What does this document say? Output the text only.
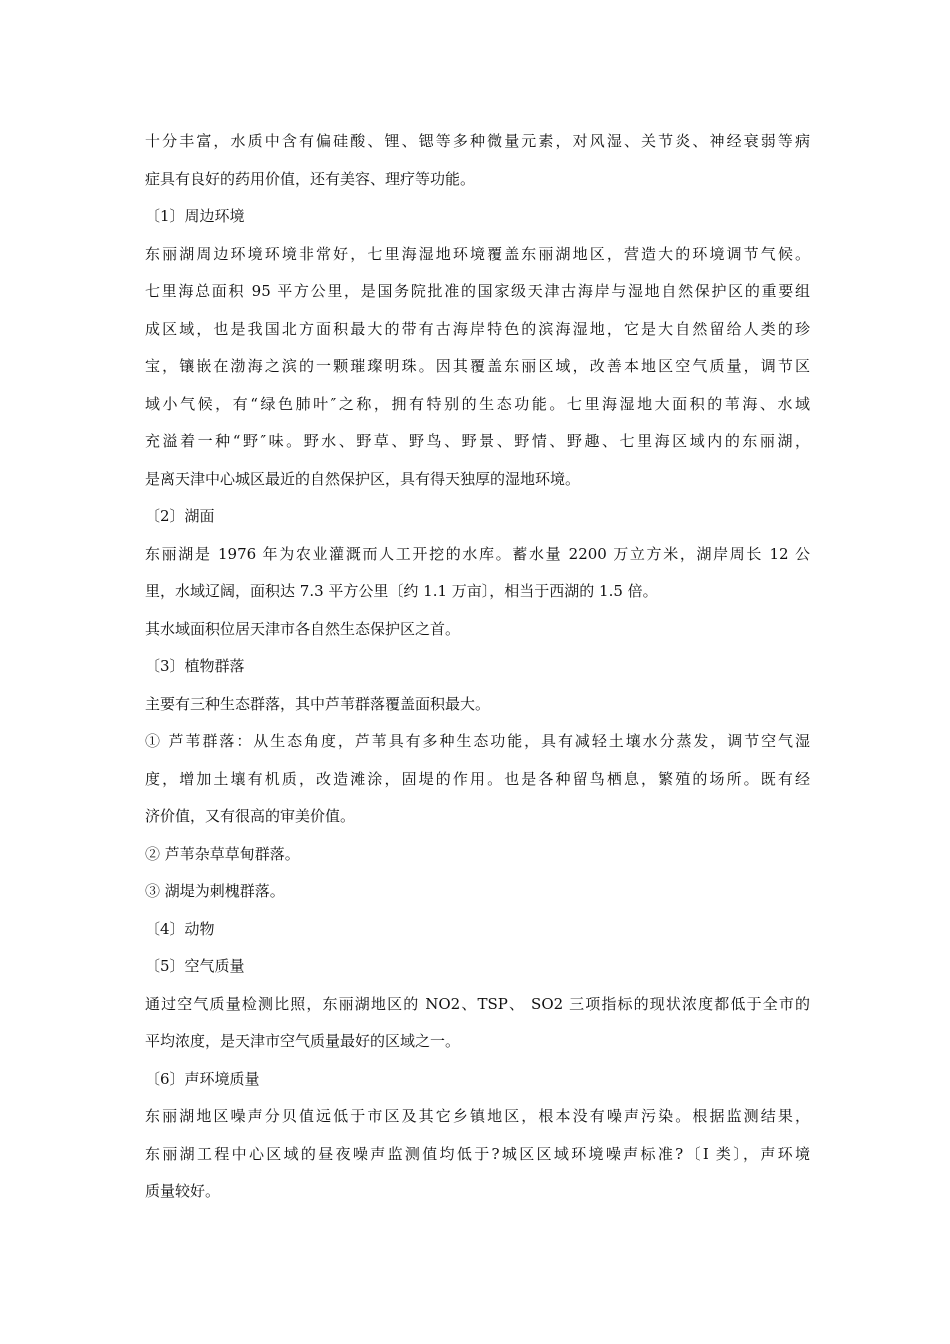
十分丰富，水质中含有偏硅酸、锂、锶等多种微量元素，对风湿、关节炎、神经衰弱等病
症具有良好的药用价值，还有美容、理疗等功能。
〔1〕周边环境
东丽湖周边环境环境非常好，七里海湿地环境覆盖东丽湖地区，营造大的环境调节气候。
七里海总面积 95 平方公里，是国务院批准的国家级天津古海岸与湿地自然保护区的重要组
成区域，也是我国北方面积最大的带有古海岸特色的滨海湿地，它是大自然留给人类的珍
宝，镶嵌在渤海之滨的一颗璀璨明珠。因其覆盖东丽区域，改善本地区空气质量，调节区
域小气候，有“绿色肺叶″之称，拥有特别的生态功能。七里海湿地大面积的苇海、水域
充溢着一种“野″味。野水、野草、野鸟、野景、野情、野趣、七里海区域内的东丽湖，
是离天津中心城区最近的自然保护区，具有得天独厚的湿地环境。
〔2〕湖面
东丽湖是 1976 年为农业灌溉而人工开挖的水库。蓄水量 2200 万立方米，湖岸周长 12 公
里，水域辽阔，面积达 7.3 平方公里〔约 1.1 万亩〕，相当于西湖的 1.5 倍。
其水域面积位居天津市各自然生态保护区之首。
〔3〕植物群落
主要有三种生态群落，其中芦苇群落覆盖面积最大。
① 芦苇群落：从生态角度，芦苇具有多种生态功能，具有减轻土壤水分蒸发，调节空气湿
度，增加土壤有机质，改造滩涂，固堤的作用。也是各种留鸟栖息，繁殖的场所。既有经
济价值，又有很高的审美价值。
② 芦苇杂草草甸群落。
③ 湖堤为刺槐群落。
〔4〕动物
〔5〕空气质量
通过空气质量检测比照，东丽湖地区的 NO2、TSP、 SO2 三项指标的现状浓度都低于全市的
平均浓度，是天津市空气质量最好的区域之一。
〔6〕声环境质量
东丽湖地区噪声分贝值远低于市区及其它乡镇地区，根本没有噪声污染。根据监测结果，
东丽湖工程中心区域的昼夜噪声监测值均低于?城区区域环境噪声标准?〔I 类〕，声环境
质量较好。
